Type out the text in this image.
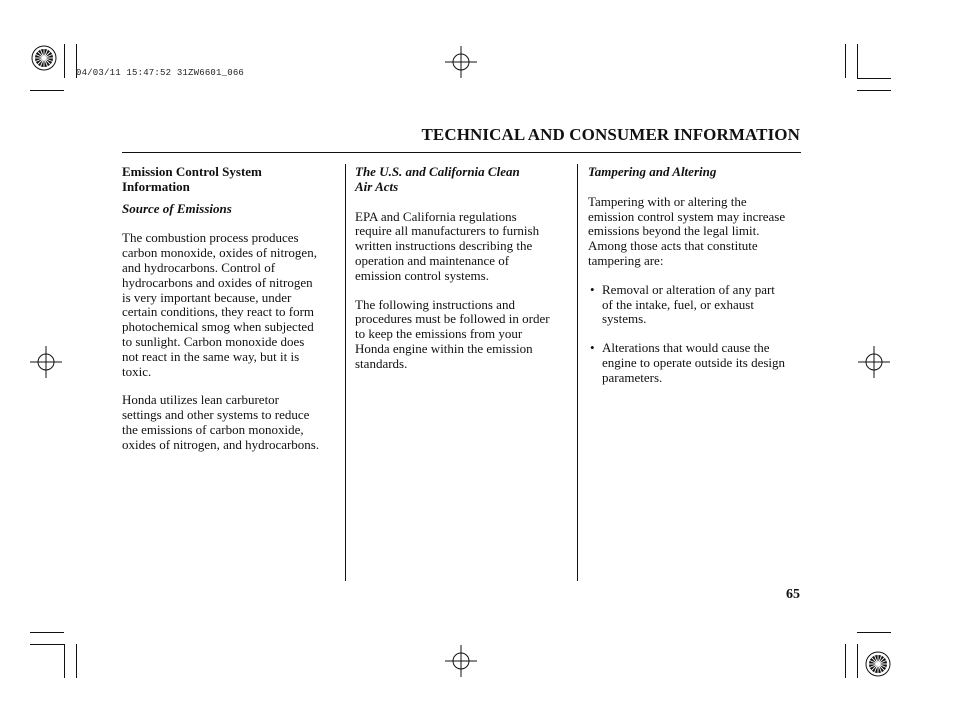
04/03/11 15:47:52 31ZW6601_066
TECHNICAL AND CONSUMER INFORMATION

Emission Control System Information

Source of Emissions

The combustion process produces
carbon monoxide, oxides of nitrogen,
and hydrocarbons. Control of
hydrocarbons and oxides of nitrogen
is very important because, under
certain conditions, they react to form
photochemical smog when subjected
to sunlight. Carbon monoxide does
not react in the same way, but it is
toxic.
Honda utilizes lean carburetor
settings and other systems to reduce
the emissions of carbon monoxide,
oxides of nitrogen, and hydrocarbons.
The U.S. and California Clean
Air Acts
EPA and California regulations
require all manufacturers to furnish
written instructions describing the
operation and maintenance of
emission control systems.
The following instructions and
procedures must be followed in order
to keep the emissions from your
Honda engine within the emission
standards.

Tampering and Altering

Tampering with or altering the
emission control system may increase
emissions beyond the legal limit.
Among those acts that constitute
tampering are:
• Removal or alteration of any part
of the intake, fuel, or exhaust
systems.
• Alterations that would cause the
engine to operate outside its design
parameters.
65
